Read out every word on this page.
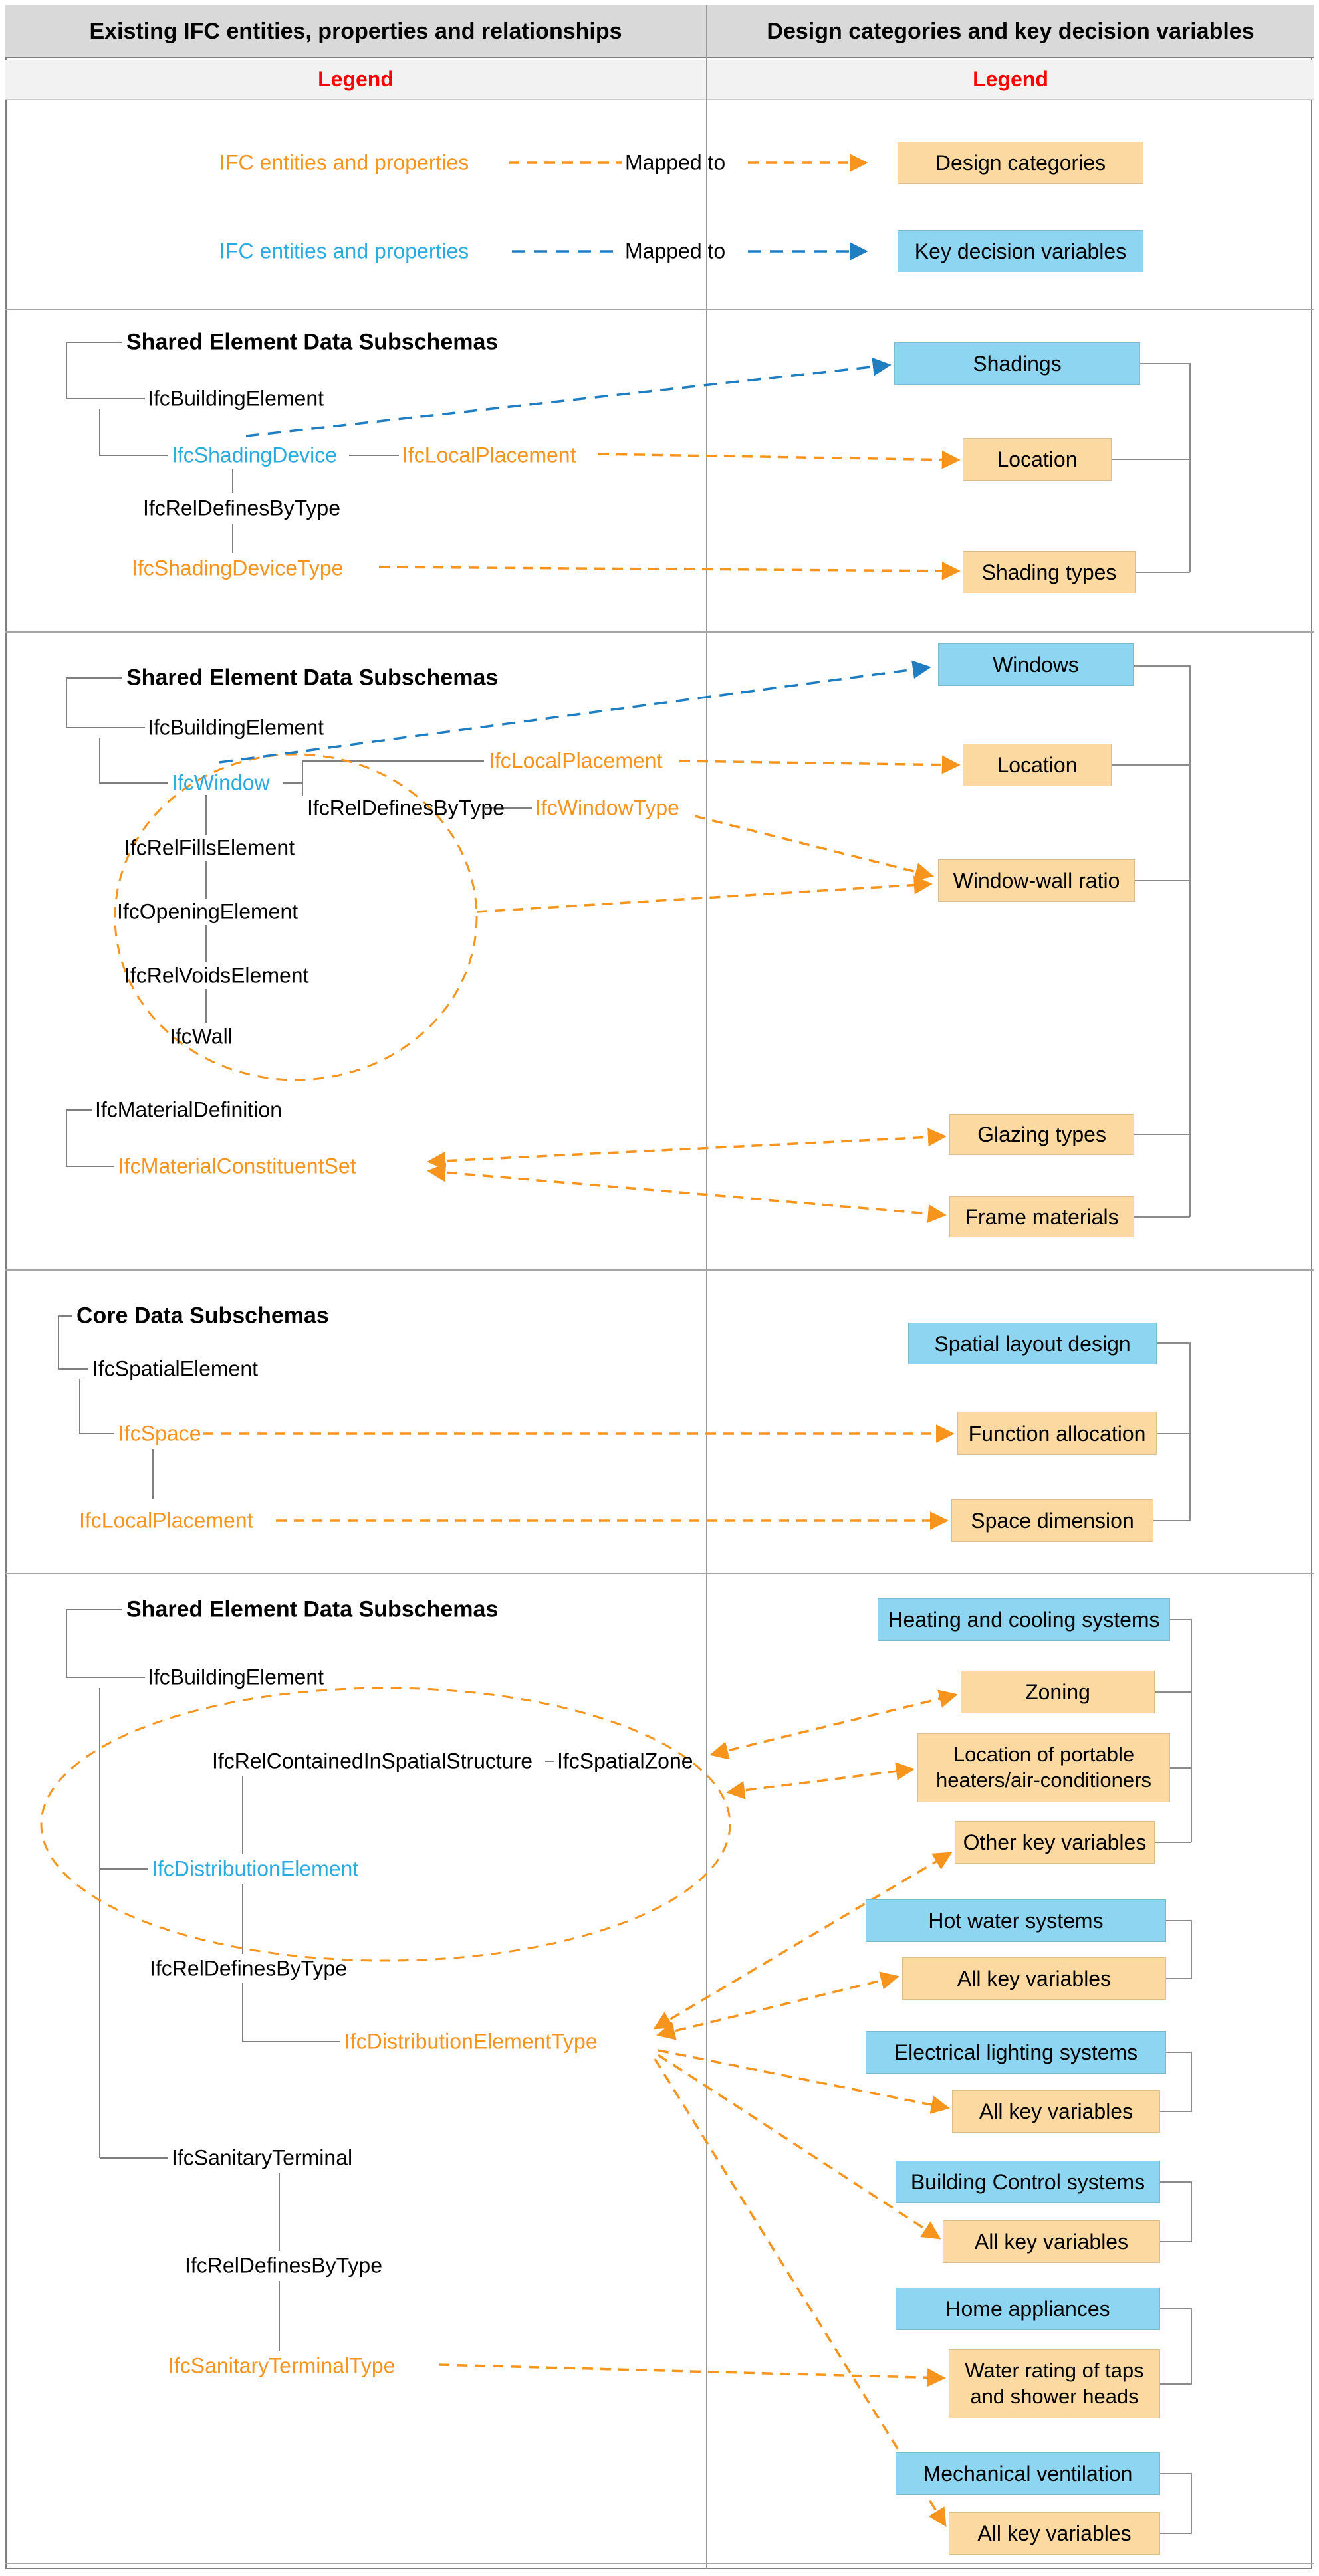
Existing IFC entities, properties and relationships	Design categories and key decision variables
Legend	Legend
IFC entities and properties	Mapped to	Design categories
IFC entities and properties	Mapped to	Key decision variables
Shared Element Data Subschemas
IfcBuildingElement
IfcShadingDevice	IfcLocalPlacement
IfcRelDefinesByType
IfcShadingDeviceType
Shadings
Location
Shading types
Shared Element Data Subschemas
IfcBuildingElement
IfcLocalPlacement
IfcWindow
IfcRelDefinesByType IfcWindowType
IfcRelFillsElement
IfcOpeningElement
IfcRelVoidsElement
IfcWall
IfcMaterialDefinition
IfcMaterialConstituentSet
Windows
Location
Window-wall ratio
Glazing types
Frame materials
Core Data Subschemas
IfcSpatialElement
IfcSpace
IfcLocalPlacement
Spatial layout design
Function allocation
Space dimension
Shared Element Data Subschemas
IfcBuildingElement
IfcRelContainedInSpatialStructure IfcSpatialZone
IfcDistributionElement
IfcRelDefinesByType
IfcDistributionElementType
IfcSanitaryTerminal
IfcRelDefinesByType
IfcSanitaryTerminalType
Heating and cooling systems
Zoning
Location of portable heaters/air-conditioners
Other key variables
Hot water systems
All key variables
Electrical lighting systems
All key variables
Building Control systems
All key variables
Home appliances
Water rating of taps and shower heads
Mechanical ventilation
All key variables
